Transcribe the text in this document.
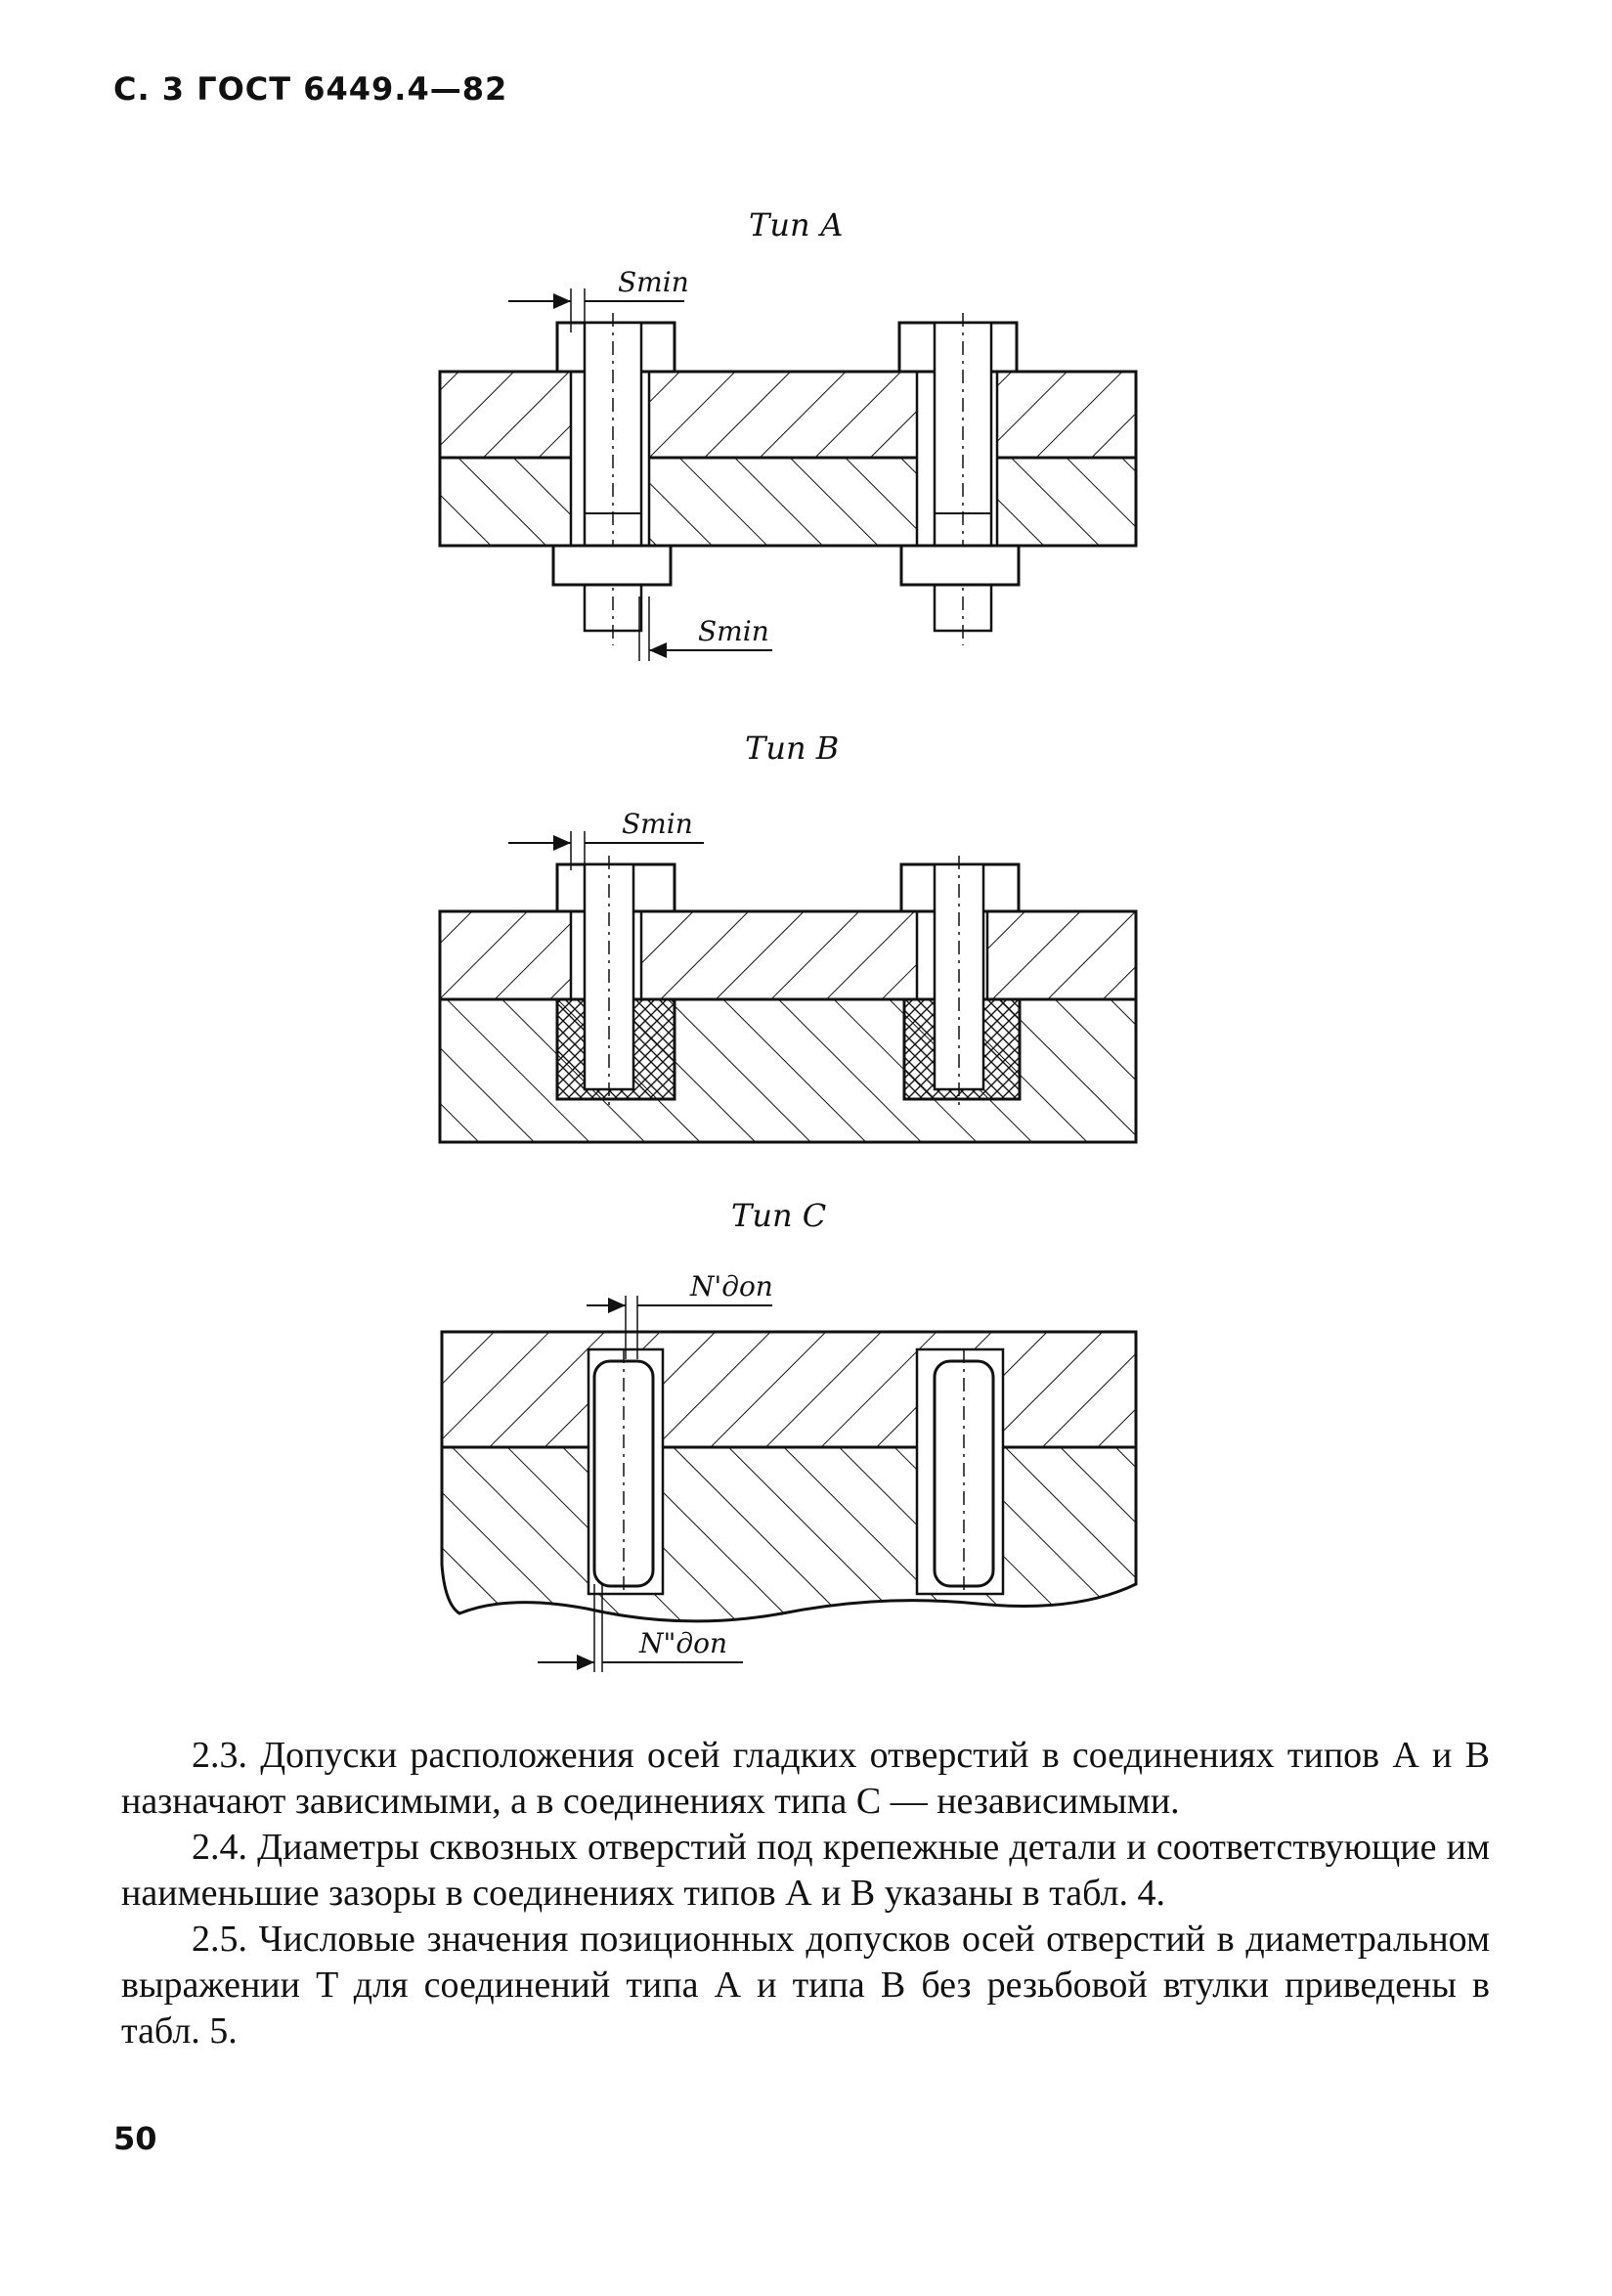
С. 3 ГОСТ 6449.4—82
Тип А
Smin
Smin
Тип В
Smin
Тип С
N'доп
N"доп

2.3. Допуски расположения осей гладких отверстий в соединениях типов А и В назначают зависимыми, а в соединениях типа С — независимыми.

2.4. Диаметры сквозных отверстий под крепежные детали и соответствующие им наименьшие зазоры в соединениях типов А и В указаны в табл. 4.

2.5. Числовые значения позиционных допусков осей отверстий в диаметральном выражении T для соединений типа А и типа В без резьбовой втулки приведены в табл. 5.

50
